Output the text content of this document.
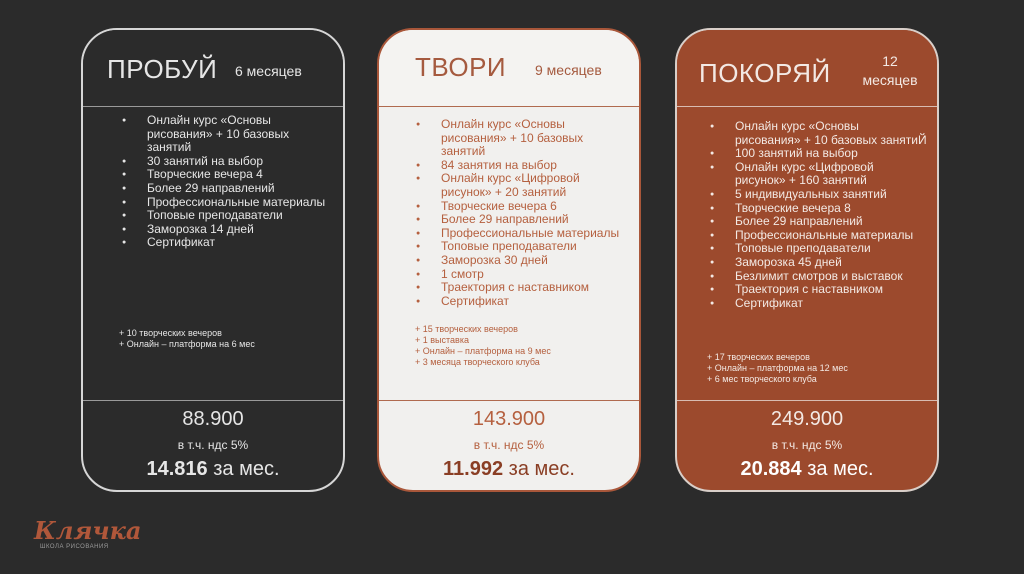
ПРОБУЙ 6 месяцев
● Онлайн курс «Основы рисования» + 10 базовых занятий
● 30 занятий на выбор
● Творческие вечера 4
● Более 29 направлений
● Профессиональные материалы
● Топовые преподаватели
● Заморозка 14 дней
● Сертификат
+ 10 творческих вечеров
+ Онлайн – платформа на 6 мес
88.900
в т.ч. ндс 5%
14.816 за мес.
ТВОРИ 9 месяцев
● Онлайн курс «Основы рисования» + 10 базовых занятий
● 84 занятия на выбор
● Онлайн курс «Цифровой рисунок» + 20 занятий
● Творческие вечера 6
● Более 29 направлений
● Профессиональные материалы
● Топовые преподаватели
● Заморозка 30 дней
● 1 смотр
● Траектория с наставником
● Сертификат
+ 15 творческих вечеров
+ 1 выставка
+ Онлайн – платформа на 9 мес
+ 3 месяца творческого клуба
143.900
в т.ч. ндс 5%
11.992 за мес.
ПОКОРЯЙ	12
месяцев
● Онлайн курс «Основы рисования» + 10 базовых занятиЙ
● 100 занятий на выбор
● Онлайн курс «Цифровой рисунок» + 160 занятий
● 5 индивидуальных занятий
● Творческие вечера 8
● Более 29 направлений
● Профессиональные материалы
● Топовые преподаватели
● Заморозка 45 дней
● Безлимит смотров и выставок
● Траектория с наставником
● Сертификат
+ 17 творческих вечеров
+ Онлайн – платформа на 12 мес
+ 6 мес творческого клуба
249.900
в т.ч. ндс 5%
20.884 за мес.
Клячка
ШКОЛА РИСОВАНИЯ
